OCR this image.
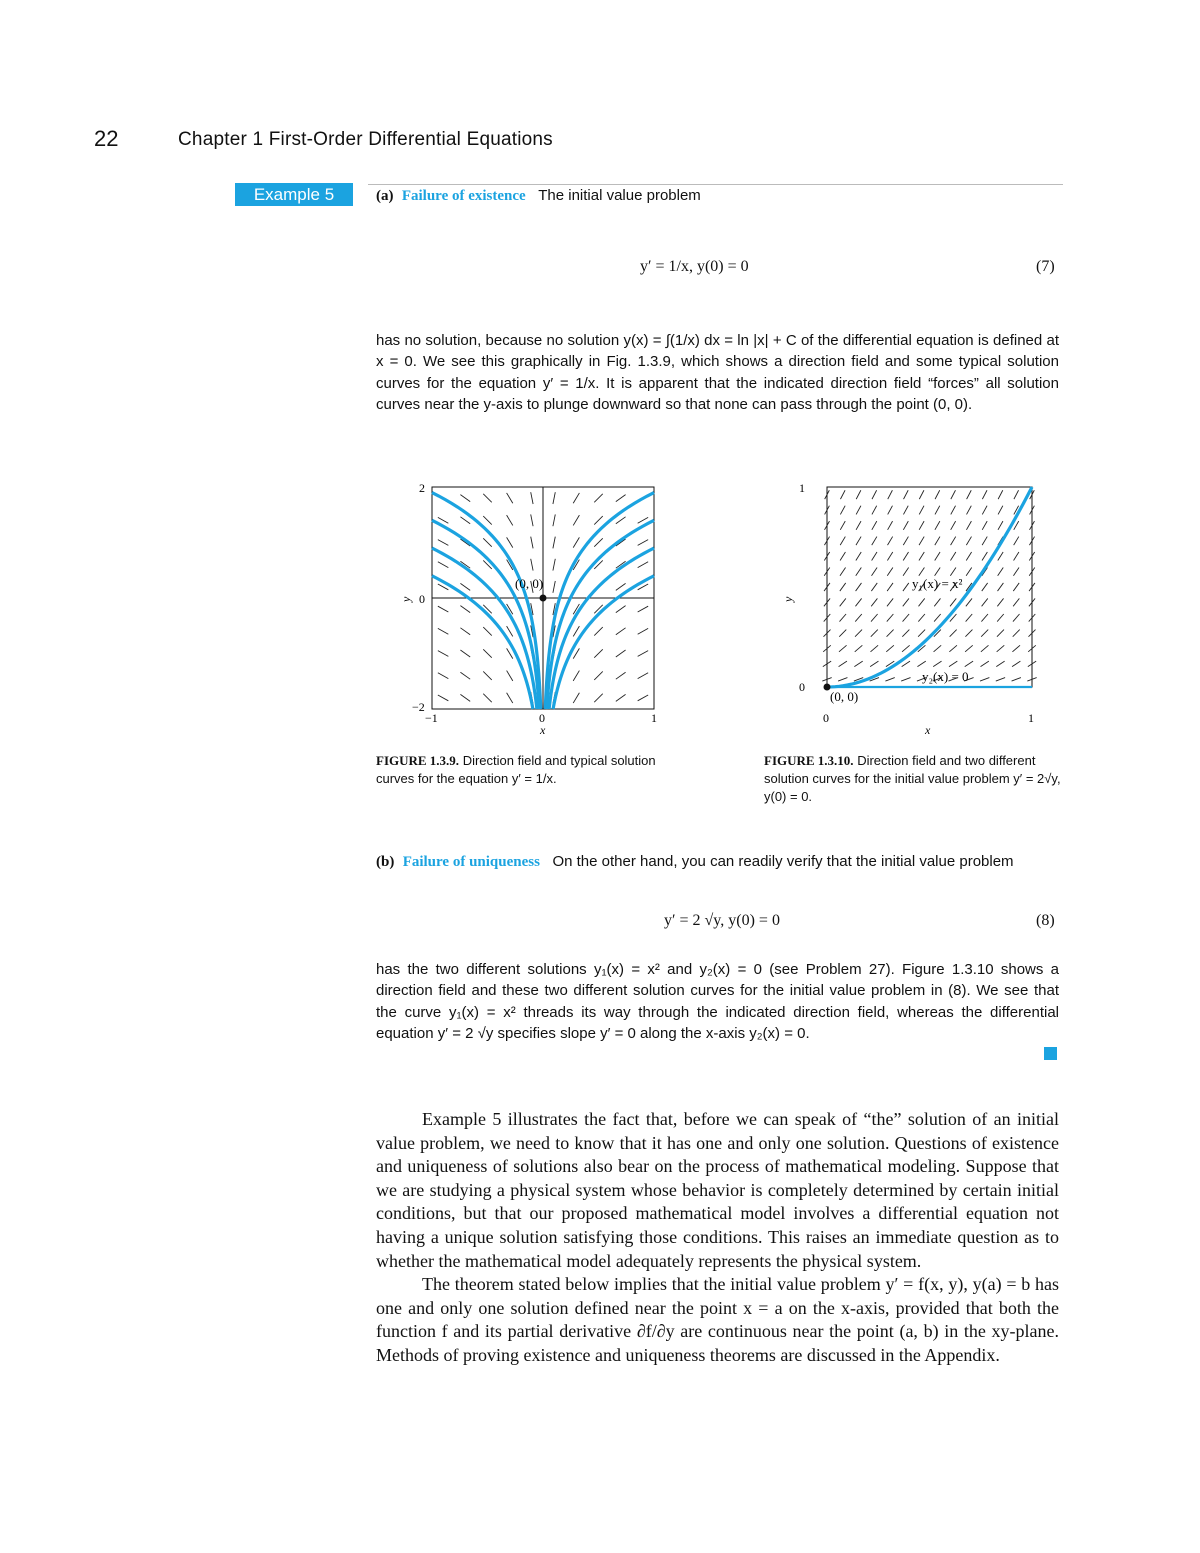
22	Chapter 1 First-Order Differential Equations
Example 5	(a) Failure of existence The initial value problem
y′ = 1/x, y(0) = 0	(7)
has no solution, because no solution y(x) = ∫(1/x) dx = ln |x| + C of the differential equation is defined at x = 0. We see this graphically in Fig. 1.3.9, which shows a direction field and some typical solution curves for the equation y′ = 1/x. It is apparent that the indicated direction field “forces” all solution curves near the y-axis to plunge downward so that none can pass through the point (0, 0).
(0, 0)
2
0
−2
−1	0	1
x
y
(0, 0)
y₁(x) = x²
y₂(x) = 0
1
0
0	1
x
y
FIGURE 1.3.9. Direction field and typical solution curves for the equation y′ = 1/x.
FIGURE 1.3.10. Direction field and two different solution curves for the initial value problem y′ = 2√y, y(0) = 0.
(b) Failure of uniqueness On the other hand, you can readily verify that the initial value problem
y′ = 2 √y, y(0) = 0	(8)
has the two different solutions y₁(x) = x² and y₂(x) = 0 (see Problem 27). Figure 1.3.10 shows a direction field and these two different solution curves for the initial value problem in (8). We see that the curve y₁(x) = x² threads its way through the indicated direction field, whereas the differential equation y′ = 2 √y specifies slope y′ = 0 along the x-axis y₂(x) = 0.

Example 5 illustrates the fact that, before we can speak of “the” solution of an initial value problem, we need to know that it has one and only one solution. Questions of existence and uniqueness of solutions also bear on the process of mathematical modeling. Suppose that we are studying a physical system whose behavior is completely determined by certain initial conditions, but that our proposed mathematical model involves a differential equation not having a unique solution satisfying those conditions. This raises an immediate question as to whether the mathematical model adequately represents the physical system.

The theorem stated below implies that the initial value problem y′ = f(x, y), y(a) = b has one and only one solution defined near the point x = a on the x-axis, provided that both the function f and its partial derivative ∂f/∂y are continuous near the point (a, b) in the xy-plane. Methods of proving existence and uniqueness theorems are discussed in the Appendix.
